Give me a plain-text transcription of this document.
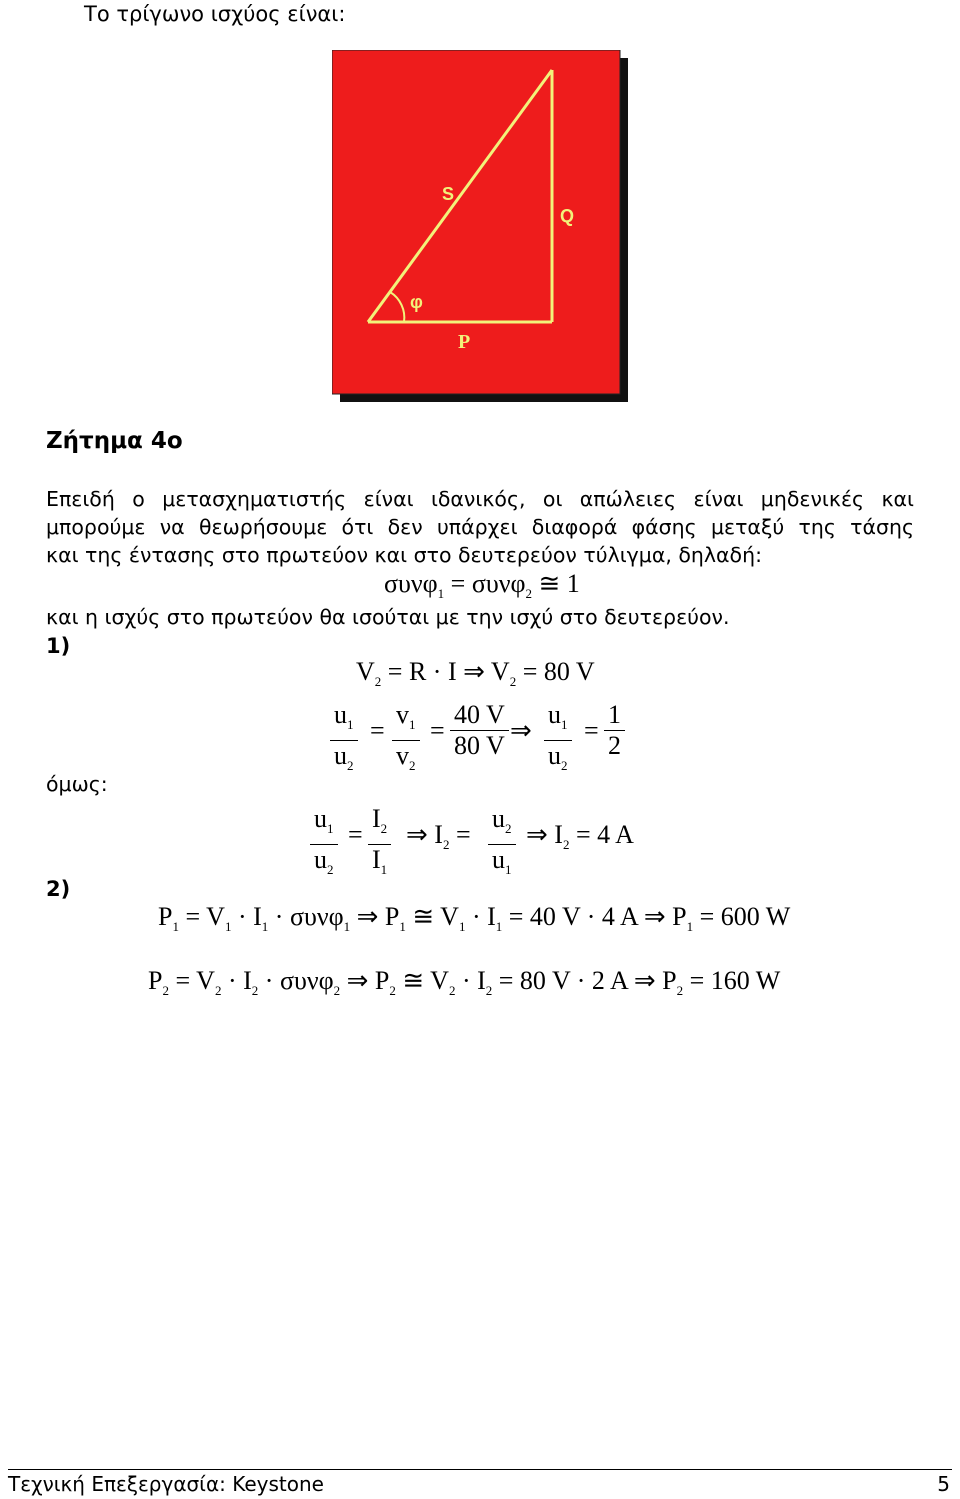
Το τρίγωνο ισχύος είναι:
S
Q
P
φ
Ζήτημα 4ο
Επειδή ο μετασχηματιστής είναι ιδανικός, οι απώλειες είναι μηδενικές και
μπορούμε να θεωρήσουμε ότι δεν υπάρχει διαφορά φάσης μεταξύ της τάσης
και της έντασης στο πρωτεύον και στο δευτερεύον τύλιγμα, δηλαδή:
συνφ$_1$ = συνφ$_2$ ≅ 1
και η ισχύς στο πρωτεύον θα ισούται με την ισχύ στο δευτερεύον.
1)
$V_2 = R \cdot I$ ⇒ $V_2 = 80$ V
$\frac{u_1}{u_2} = \frac{v_1}{v_2} = \frac{40 V}{80 V}$ ⇒ $\frac{u_1}{u_2} = \frac{1}{2}$
όμως:
$\frac{u_1}{u_2} = \frac{I_2}{I_1}$ ⇒ $I_2 = \frac{u_2}{u_1}$ ⇒ $I_2 = 4$ A
2)
$P_1 = V_1 \cdot I_1 \cdot \sigma\upsilon\nu\varphi_1$ ⇒ $P_1$ ≅ $V_1 \cdot I_1 = 40$ V · 4 A ⇒ $P_1 = 600$ W
$P_2 = V_2 \cdot I_2 \cdot \sigma\upsilon\nu\varphi_2$ ⇒ $P_2$ ≅ $V_2 \cdot I_2 = 80$ V · 2 A ⇒ $P_2 = 160$ W
Τεχνική Επεξεργασία: Keystone	5
